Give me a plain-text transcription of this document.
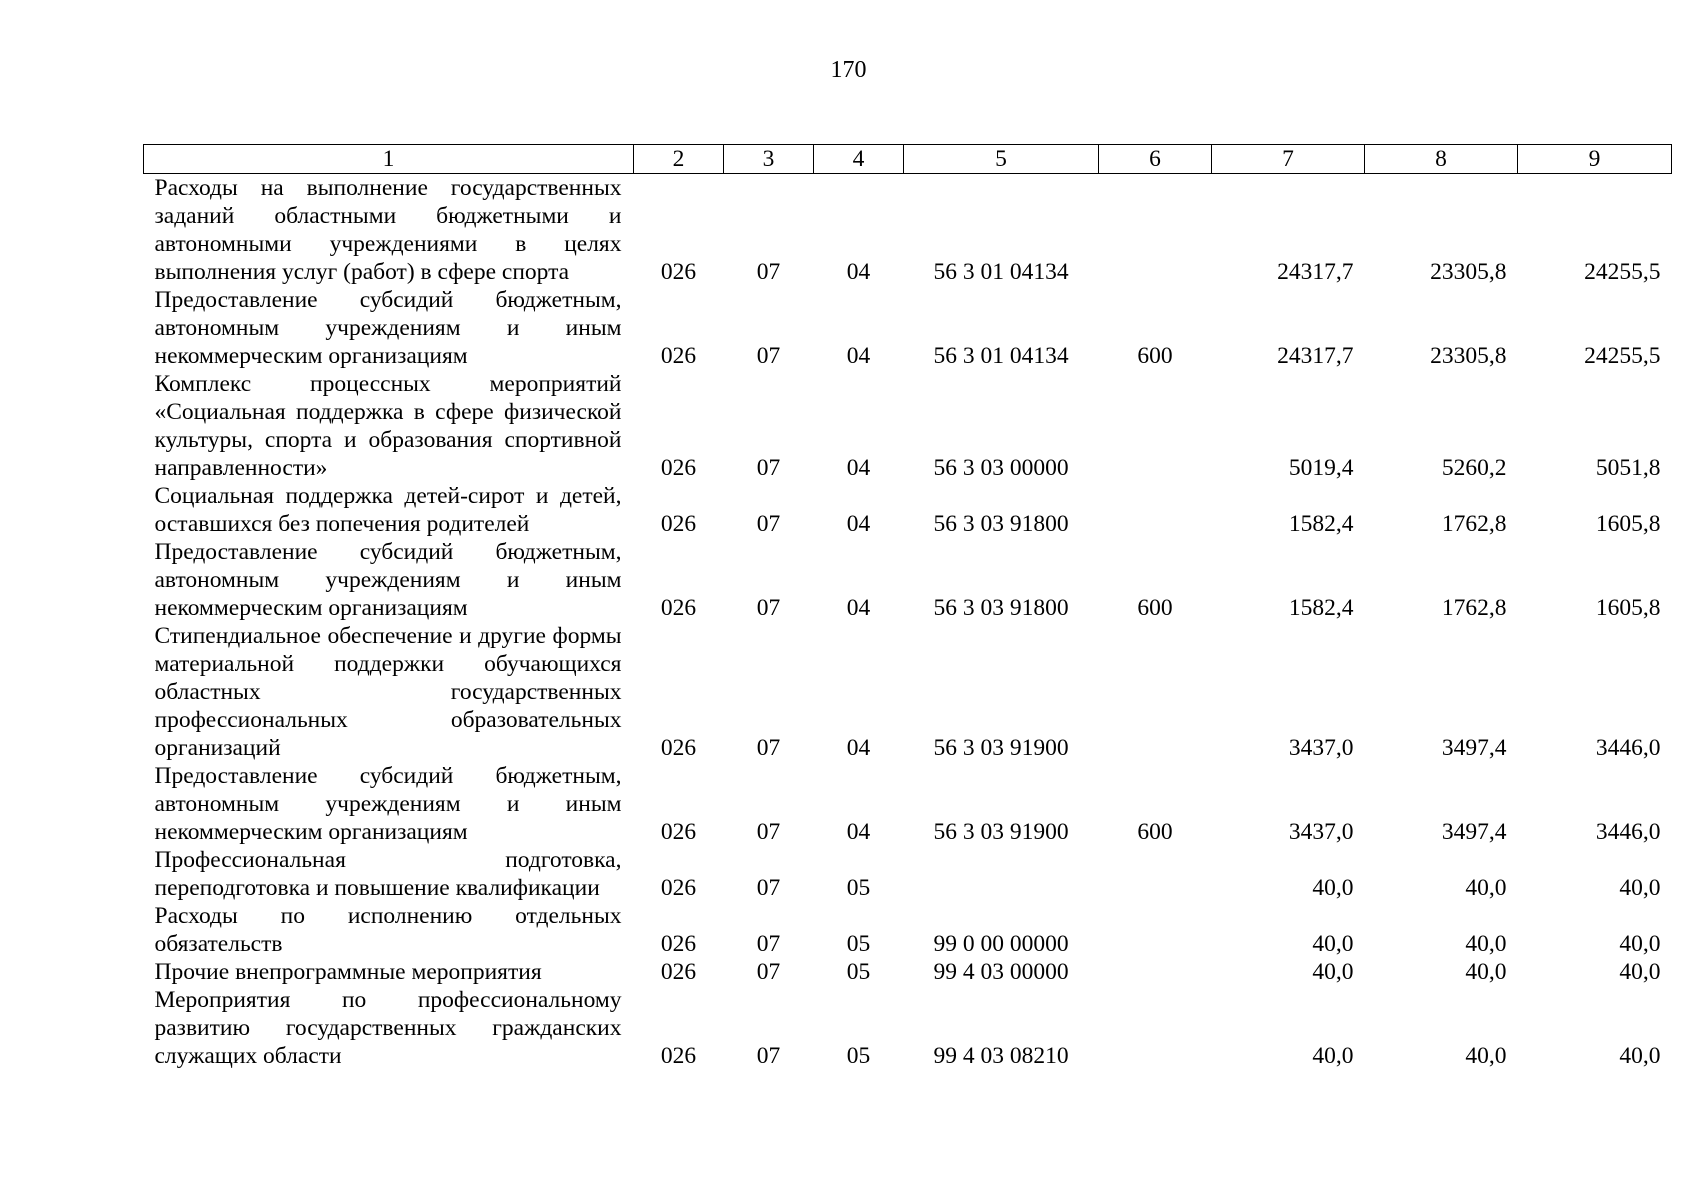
170
1	2	3	4	5	6	7	8	9
Расходы на выполнение государственных заданий областными бюджетными и автономными учреждениями в целях выполнения услуг (работ) в сфере спорта	026	07	04	56 3 01 04134		24317,7	23305,8	24255,5
Предоставление субсидий бюджетным, автономным учреждениям и иным некоммерческим организациям	026	07	04	56 3 01 04134	600	24317,7	23305,8	24255,5
Комплекс процессных мероприятий «Социальная поддержка в сфере физической культуры, спорта и образования спортивной направленности»	026	07	04	56 3 03 00000		5019,4	5260,2	5051,8
Социальная поддержка детей-сирот и детей, оставшихся без попечения родителей	026	07	04	56 3 03 91800		1582,4	1762,8	1605,8
Предоставление субсидий бюджетным, автономным учреждениям и иным некоммерческим организациям	026	07	04	56 3 03 91800	600	1582,4	1762,8	1605,8
Стипендиальное обеспечение и другие формы материальной поддержки обучающихся областных государственных профессиональных образовательных организаций	026	07	04	56 3 03 91900		3437,0	3497,4	3446,0
Предоставление субсидий бюджетным, автономным учреждениям и иным некоммерческим организациям	026	07	04	56 3 03 91900	600	3437,0	3497,4	3446,0
Профессиональная подготовка, переподготовка и повышение квалификации	026	07	05			40,0	40,0	40,0
Расходы по исполнению отдельных обязательств	026	07	05	99 0 00 00000		40,0	40,0	40,0
Прочие внепрограммные мероприятия	026	07	05	99 4 03 00000		40,0	40,0	40,0
Мероприятия по профессиональному развитию государственных гражданских служащих области	026	07	05	99 4 03 08210		40,0	40,0	40,0
